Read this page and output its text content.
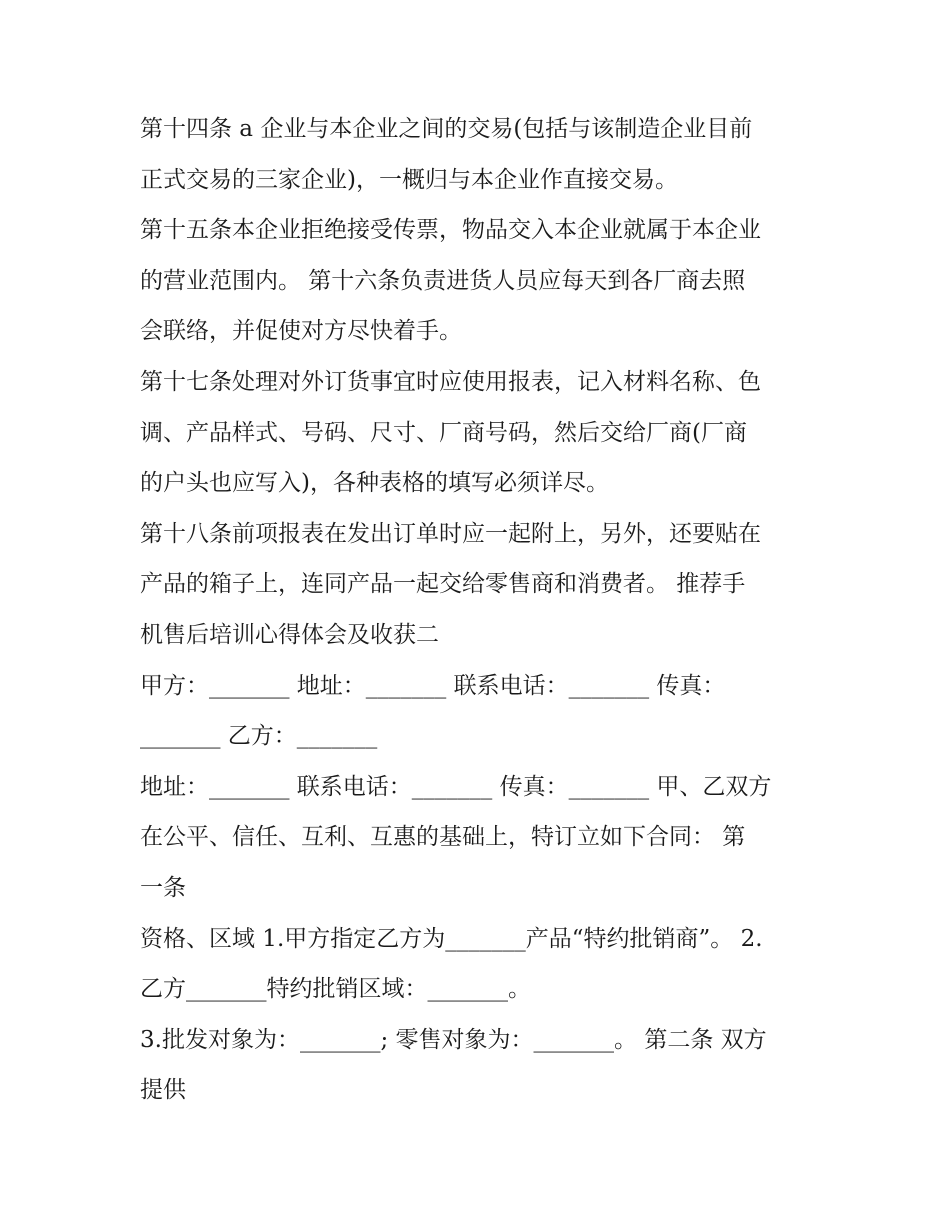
第十四条 a 企业与本企业之间的交易(包括与该制造企业目前
正式交易的三家企业)，一概归与本企业作直接交易。

第十五条本企业拒绝接受传票，物品交入本企业就属于本企业
的营业范围内。 第十六条负责进货人员应每天到各厂商去照
会联络，并促使对方尽快着手。

第十七条处理对外订货事宜时应使用报表，记入材料名称、色
调、产品样式、号码、尺寸、厂商号码，然后交给厂商(厂商
的户头也应写入)，各种表格的填写必须详尽。

第十八条前项报表在发出订单时应一起附上，另外，还要贴在
产品的箱子上，连同产品一起交给零售商和消费者。 推荐手
机售后培训心得体会及收获二

甲方：_______ 地址：_______ 联系电话：_______ 传真：
_______ 乙方：_______

地址：_______ 联系电话：_______ 传真：_______ 甲、乙双方
在公平、信任、互利、互惠的基础上，特订立如下合同： 第
一条

资格、区域 1.甲方指定乙方为_______产品“特约批销商”。 2.
乙方_______特约批销区域：_______。

3.批发对象为：_______; 零售对象为：_______。 第二条 双方
提供
